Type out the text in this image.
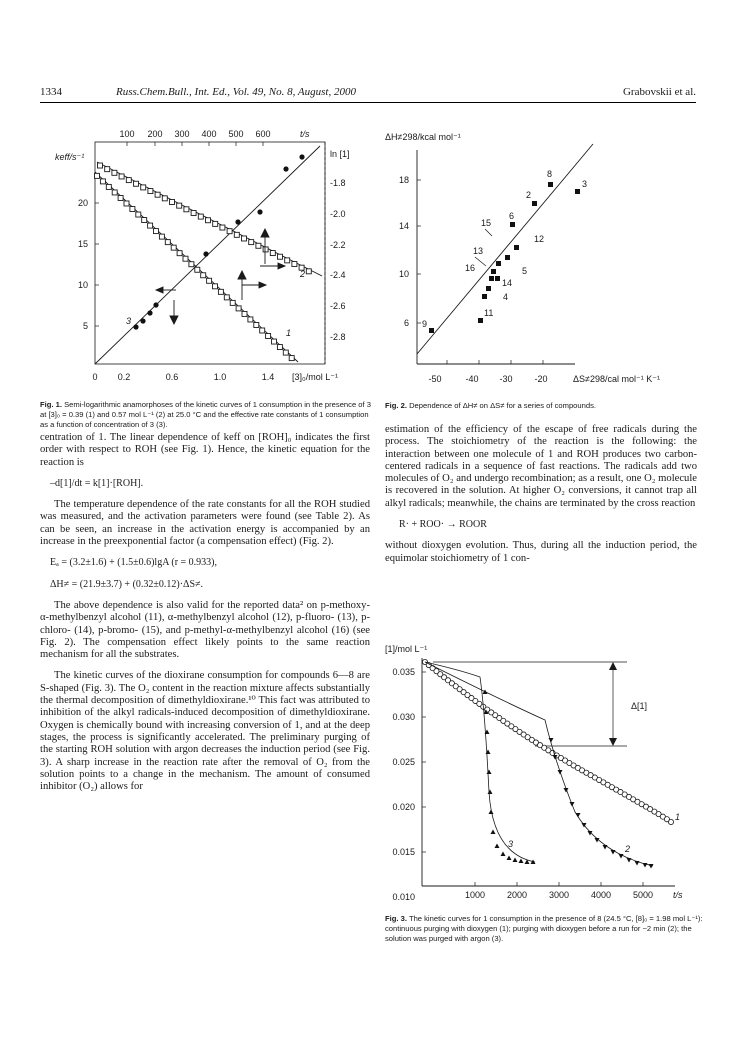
1334	Russ.Chem.Bull., Int. Ed., Vol. 49, No. 8, August, 2000	Grabovskii et al.
100 200 300 400 500 600	t/s
keff/s⁻¹
20
15
10
5
ln [1]
-1.8
-2.0
-2.2
-2.4
-2.6
-2.8
0 0.2	0.6	1.0	1.4 [3]₀/mol L⁻¹
2
1
3
Fig. 1. Semi-logarithmic anamorphoses of the kinetic curves of 1 consumption in the presence of 3 at [3]₀ = 0.39 (1) and 0.57 mol L⁻¹ (2) at 25.0 °C and the effective rate constants of 1 consumption as a function of concentration of 3 (3).
ΔH≠298/kcal mol⁻¹
18
14
10
6
-50	-40 -30 -20	ΔS≠298/cal mol⁻¹ K⁻¹
8
3
2
6
15
12
13
16	5
14
4
11
9
Fig. 2. Dependence of ΔH≠ on ΔS≠ for a series of compounds.

centration of 1. The linear dependence of keff on [ROH]₀ indicates the first order with respect to ROH (see Fig. 1). Hence, the kinetic equation for the reaction is

–d[1]/dt = k[1]·[ROH].

The temperature dependence of the rate constants for all the ROH studied was measured, and the activation parameters were found (see Table 2). As can be seen, an increase in the activation energy is accompanied by an increase in the preexponential factor (a compensation effect) (Fig. 2).

Eₐ = (3.2±1.6) + (1.5±0.6)lgA (r = 0.933),

ΔH≠ = (21.9±3.7) + (0.32±0.12)·ΔS≠.

The above dependence is also valid for the reported data² on p-methoxy-α-methylbenzyl alcohol (11), α-methylbenzyl alcohol (12), p-fluoro- (13), p-chloro- (14), p-bromo- (15), and p-methyl-α-methylbenzyl alcohol (16) (see Fig. 2). The compensation effect likely points to the same reaction mechanism for all the substrates.

The kinetic curves of the dioxirane consumption for compounds 6—8 are S-shaped (Fig. 3). The O₂ content in the reaction mixture affects substantially the thermal decomposition of dimethyldioxirane.¹⁰ This fact was attributed to inhibition of the alkyl radicals-induced decomposition of dimethyldioxirane. Oxygen is chemically bound with increasing conversion of 1, and at the deep stages, the process is significantly accelerated. The preliminary purging of the starting ROH solution with argon decreases the induction period (see Fig. 3). A sharp increase in the reaction rate after the removal of O₂ from the solution points to a change in the mechanism. The amount of consumed inhibitor (O₂) allows for

estimation of the efficiency of the escape of free radicals during the process. The stoichiometry of the reaction is the following: the interaction between one molecule of 1 and ROH produces two carbon-centered radicals in a sequence of fast reactions. The radicals add two molecules of O₂ and undergo recombination; as a result, one O₂ molecule is recovered in the solution. At higher O₂ conversions, it cannot trap all alkyl radicals; meanwhile, the chains are terminated by the cross reaction

R· + ROO· → ROOR

without dioxygen evolution. Thus, during all the induction period, the equimolar stoichiometry of 1 con-

[1]/mol L⁻¹
0.035
0.030
0.025
0.020
0.015
0.010	1000 2000 3000 4000 5000 t/s
Δ[1]
1
2
3
Fig. 3. The kinetic curves for 1 consumption in the presence of 8 (24.5 °C, [8]₀ = 1.98 mol L⁻¹): continuous purging with dioxygen (1); purging with dioxygen before a run for ~2 min (2); the solution was purged with argon (3).
